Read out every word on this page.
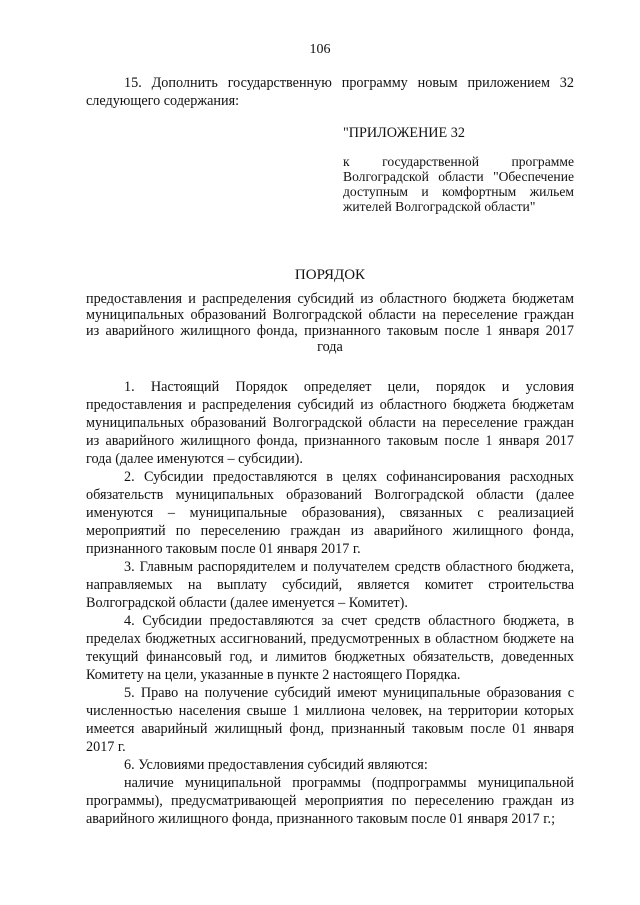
106

15. Дополнить государственную программу новым приложением 32 следующего содержания:

"ПРИЛОЖЕНИЕ 32

к государственной программе Волгоградской области "Обеспечение доступным и комфортным жильем жителей Волгоградской области"

ПОРЯДОК

предоставления и распределения субсидий из областного бюджета бюджетам муниципальных образований Волгоградской области на переселение граждан из аварийного жилищного фонда, признанного таковым после 1 января 2017 года

1. Настоящий Порядок определяет цели, порядок и условия предоставления и распределения субсидий из областного бюджета бюджетам муниципальных образований Волгоградской области на переселение граждан из аварийного жилищного фонда, признанного таковым после 1 января 2017 года (далее именуются – субсидии).

2. Субсидии предоставляются в целях софинансирования расходных обязательств муниципальных образований Волгоградской области (далее именуются – муниципальные образования), связанных с реализацией мероприятий по переселению граждан из аварийного жилищного фонда, признанного таковым после 01 января 2017 г.

3. Главным распорядителем и получателем средств областного бюджета, направляемых на выплату субсидий, является комитет строительства Волгоградской области (далее именуется – Комитет).

4. Субсидии предоставляются за счет средств областного бюджета, в пределах бюджетных ассигнований, предусмотренных в областном бюджете на текущий финансовый год, и лимитов бюджетных обязательств, доведенных Комитету на цели, указанные в пункте 2 настоящего Порядка.

5. Право на получение субсидий имеют муниципальные образования с численностью населения свыше 1 миллиона человек, на территории которых имеется аварийный жилищный фонд, признанный таковым после 01 января 2017 г.

6. Условиями предоставления субсидий являются:

наличие муниципальной программы (подпрограммы муниципальной программы), предусматривающей мероприятия по переселению граждан из аварийного жилищного фонда, признанного таковым после 01 января 2017 г.;
